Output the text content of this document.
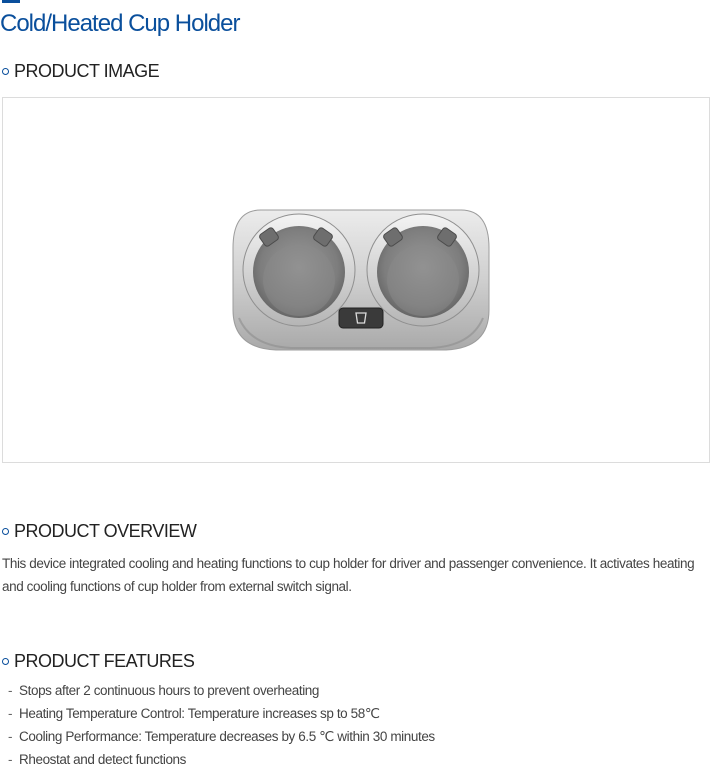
Cold/Heated Cup Holder
PRODUCT IMAGE
PRODUCT OVERVIEW

This device integrated cooling and heating functions to cup holder for driver and passenger convenience. It activates heating and cooling functions of cup holder from external switch signal.

PRODUCT FEATURES
- Stops after 2 continuous hours to prevent overheating
- Heating Temperature Control: Temperature increases sp to 58℃
- Cooling Performance: Temperature decreases by 6.5 ℃ within 30 minutes
- Rheostat and detect functions
